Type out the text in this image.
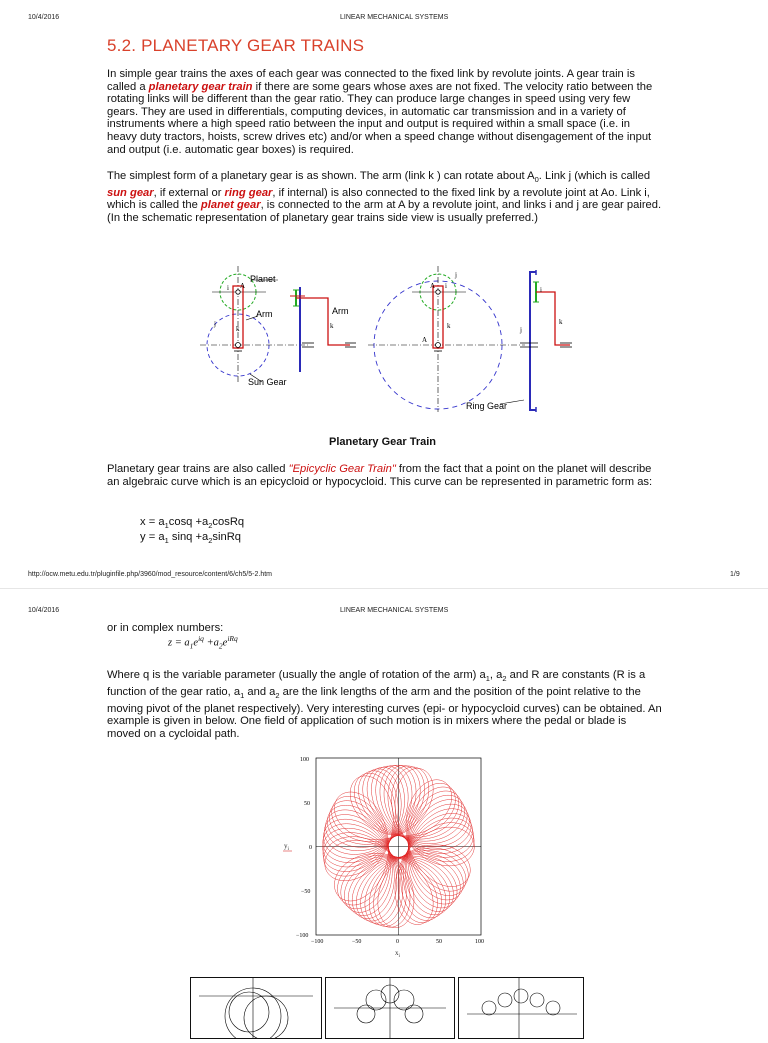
10/4/2016	LINEAR MECHANICAL SYSTEMS
5.2. PLANETARY GEAR TRAINS
In simple gear trains the axes of each gear was connected to the fixed link by revolute joints. A gear train is called a planetary gear train if there are some gears whose axes are not fixed. The velocity ratio between the rotating links will be different than the gear ratio. They can produce large changes in speed using very few gears. They are used in differentials, computing devices, in automatic car transmission and in a variety of instruments where a high speed ratio between the input and output is required within a small space (i.e. in heavy duty tractors, hoists, screw drives etc) and/or when a speed change without disengagement of the input and output (i.e. automatic gear boxes) is required.
The simplest form of a planetary gear is as shown. The arm (link k ) can rotate about $A_0$. Link j (which is called sun gear, if external or ring gear, if internal) is also connected to the fixed link by a revolute joint at Ao. Link i, which is called the planet gear, is connected to the arm at A by a revolute joint, and links i and j are gear paired. (In the schematic representation of planetary gear trains side view is usually preferred.)
Planet
Arm
Sun Gear
A
i
k
j
Arm
k
Ring Gear
A i
A
k
j
i
k
j
Planetary Gear Train
Planetary gear trains are also called "Epicyclic Gear Train" from the fact that a point on the planet will describe an algebraic curve which is an epicycloid or hypocycloid. This curve can be represented in parametric form as:
$x = a_1\cos q$ $+a_2cosRq$
$y = a_1$ $\sin q +a_2sinRq$
http://ocw.metu.edu.tr/pluginfile.php/3960/mod_resource/content/6/ch5/5-2.htm	1/9
10/4/2016	LINEAR MECHANICAL SYSTEMS
or in complex numbers:
$z = a_1e^{iq} +a_2e^{iRq}$
Where q is the variable parameter (usually the angle of rotation of the arm) $a_1$, $a_2$ and R are constants (R is a function of the gear ratio, $a_1$ and $a_2$ are the link lengths of the arm and the position of the point relative to the moving pivot of the planet respectively). Very interesting curves (epi- or hypocycloid curves) can be obtained. An example is given in below. One field of application of such motion is in mixers where the pedal or blade is moved on a cycloidal path.
100
50
0
−50
−100
−100	−50	0	50	100
$y_i$
$x_i$
